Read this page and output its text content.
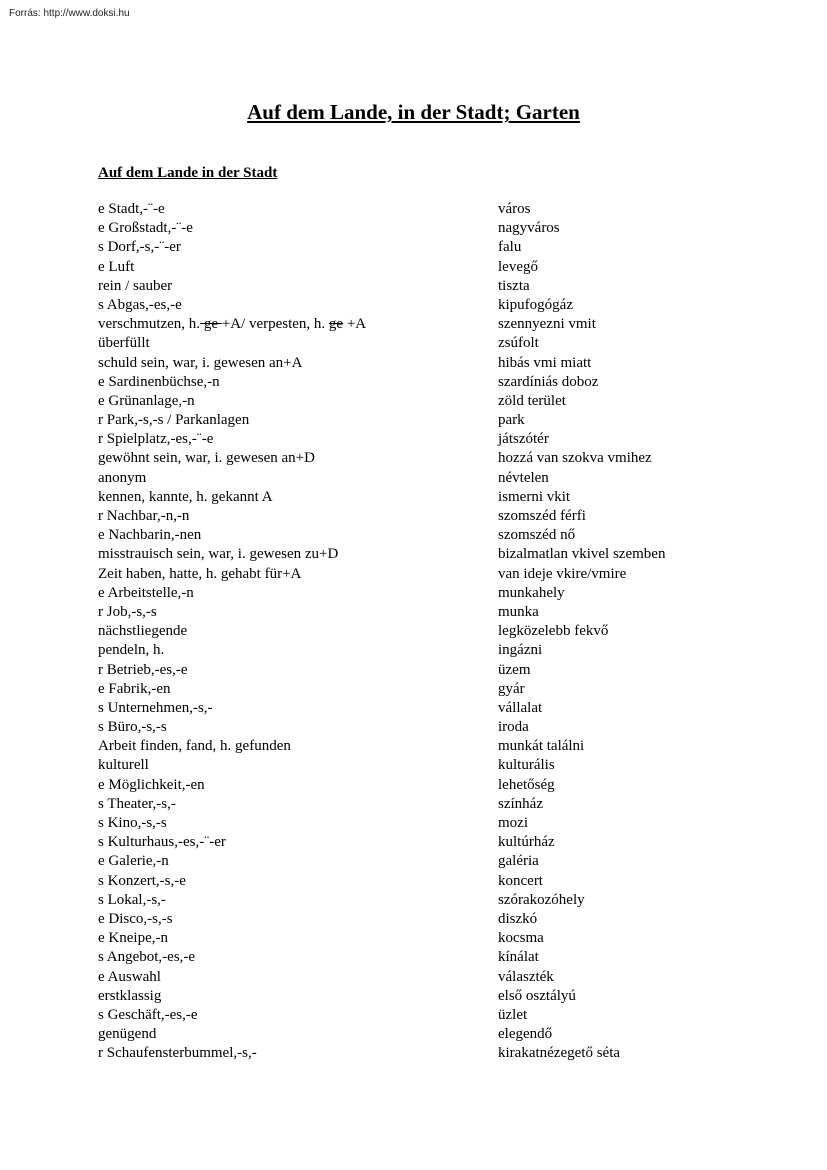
Forrás: http://www.doksi.hu
Auf dem Lande, in der Stadt; Garten
Auf dem Lande in der Stadt
e Stadt,-¨-e	város
e Großstadt,-¨-e	nagyváros
s Dorf,-s,-¨-er	falu
e Luft	levegő
rein / sauber	tiszta
s Abgas,-es,-e	kipufogógáz
verschmutzen, h. ge +A/ verpesten, h. ge +A	szennyezni vmit
überfüllt	zsúfolt
schuld sein, war, i. gewesen an+A	hibás vmi miatt
e Sardinenbüchse,-n	szardíniás doboz
e Grünanlage,-n	zöld terület
r Park,-s,-s / Parkanlagen	park
r Spielplatz,-es,-¨-e	játszótér
gewöhnt sein, war, i. gewesen an+D	hozzá van szokva vmihez
anonym	névtelen
kennen, kannte, h. gekannt A	ismerni vkit
r Nachbar,-n,-n	szomszéd férfi
e Nachbarin,-nen	szomszéd nő
misstrauisch sein, war, i. gewesen zu+D	bizalmatlan vkivel szemben
Zeit haben, hatte, h. gehabt für+A	van ideje vkire/vmire
e Arbeitstelle,-n	munkahely
r Job,-s,-s	munka
nächstliegende	legközelebb fekvő
pendeln, h.	ingázni
r Betrieb,-es,-e	üzem
e Fabrik,-en	gyár
s Unternehmen,-s,-	vállalat
s Büro,-s,-s	iroda
Arbeit finden, fand, h. gefunden	munkát találni
kulturell	kulturális
e Möglichkeit,-en	lehetőség
s Theater,-s,-	színház
s Kino,-s,-s	mozi
s Kulturhaus,-es,-¨-er	kultúrház
e Galerie,-n	galéria
s Konzert,-s,-e	koncert
s Lokal,-s,-	szórakozóhely
e Disco,-s,-s	diszkó
e Kneipe,-n	kocsma
s Angebot,-es,-e	kínálat
e Auswahl	választék
erstklassig	első osztályú
s Geschäft,-es,-e	üzlet
genügend	elegendő
r Schaufensterbummel,-s,-	kirakatnézegető séta
